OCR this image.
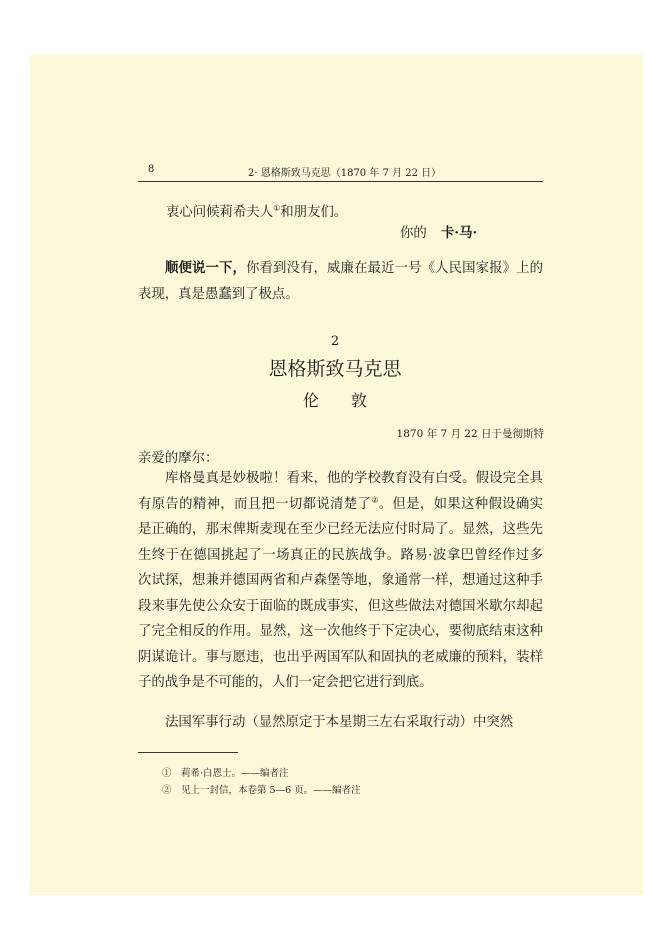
8	2· 恩格斯致马克思（1870 年 7 月 22 日）
衷心问候莉希夫人①和朋友们。
你的 卡·马·
顺便说一下，你看到没有，威廉在最近一号《人民国家报》上的表现，真是愚蠢到了极点。
2
恩格斯致马克思
伦　　敦
1870 年 7 月 22 日于曼彻斯特
亲爱的摩尔：
库格曼真是妙极啦！看来，他的学校教育没有白受。假设完全具有原告的精神，而且把一切都说清楚了②。但是，如果这种假设确实是正确的，那末俾斯麦现在至少已经无法应付时局了。显然，这些先生终于在德国挑起了一场真正的民族战争。路易·波拿巴曾经作过多次试探，想兼并德国两省和卢森堡等地，象通常一样，想通过这种手段来事先使公众安于面临的既成事实，但这些做法对德国米歇尔却起了完全相反的作用。显然，这一次他终于下定决心，要彻底结束这种阴谋诡计。事与愿违，也出乎两国军队和固执的老威廉的预料，装样子的战争是不可能的，人们一定会把它进行到底。
法国军事行动（显然原定于本星期三左右采取行动）中突然
①　莉希·白恩士。——编者注
②　见上一封信，本卷第 5—6 页。——编者注
